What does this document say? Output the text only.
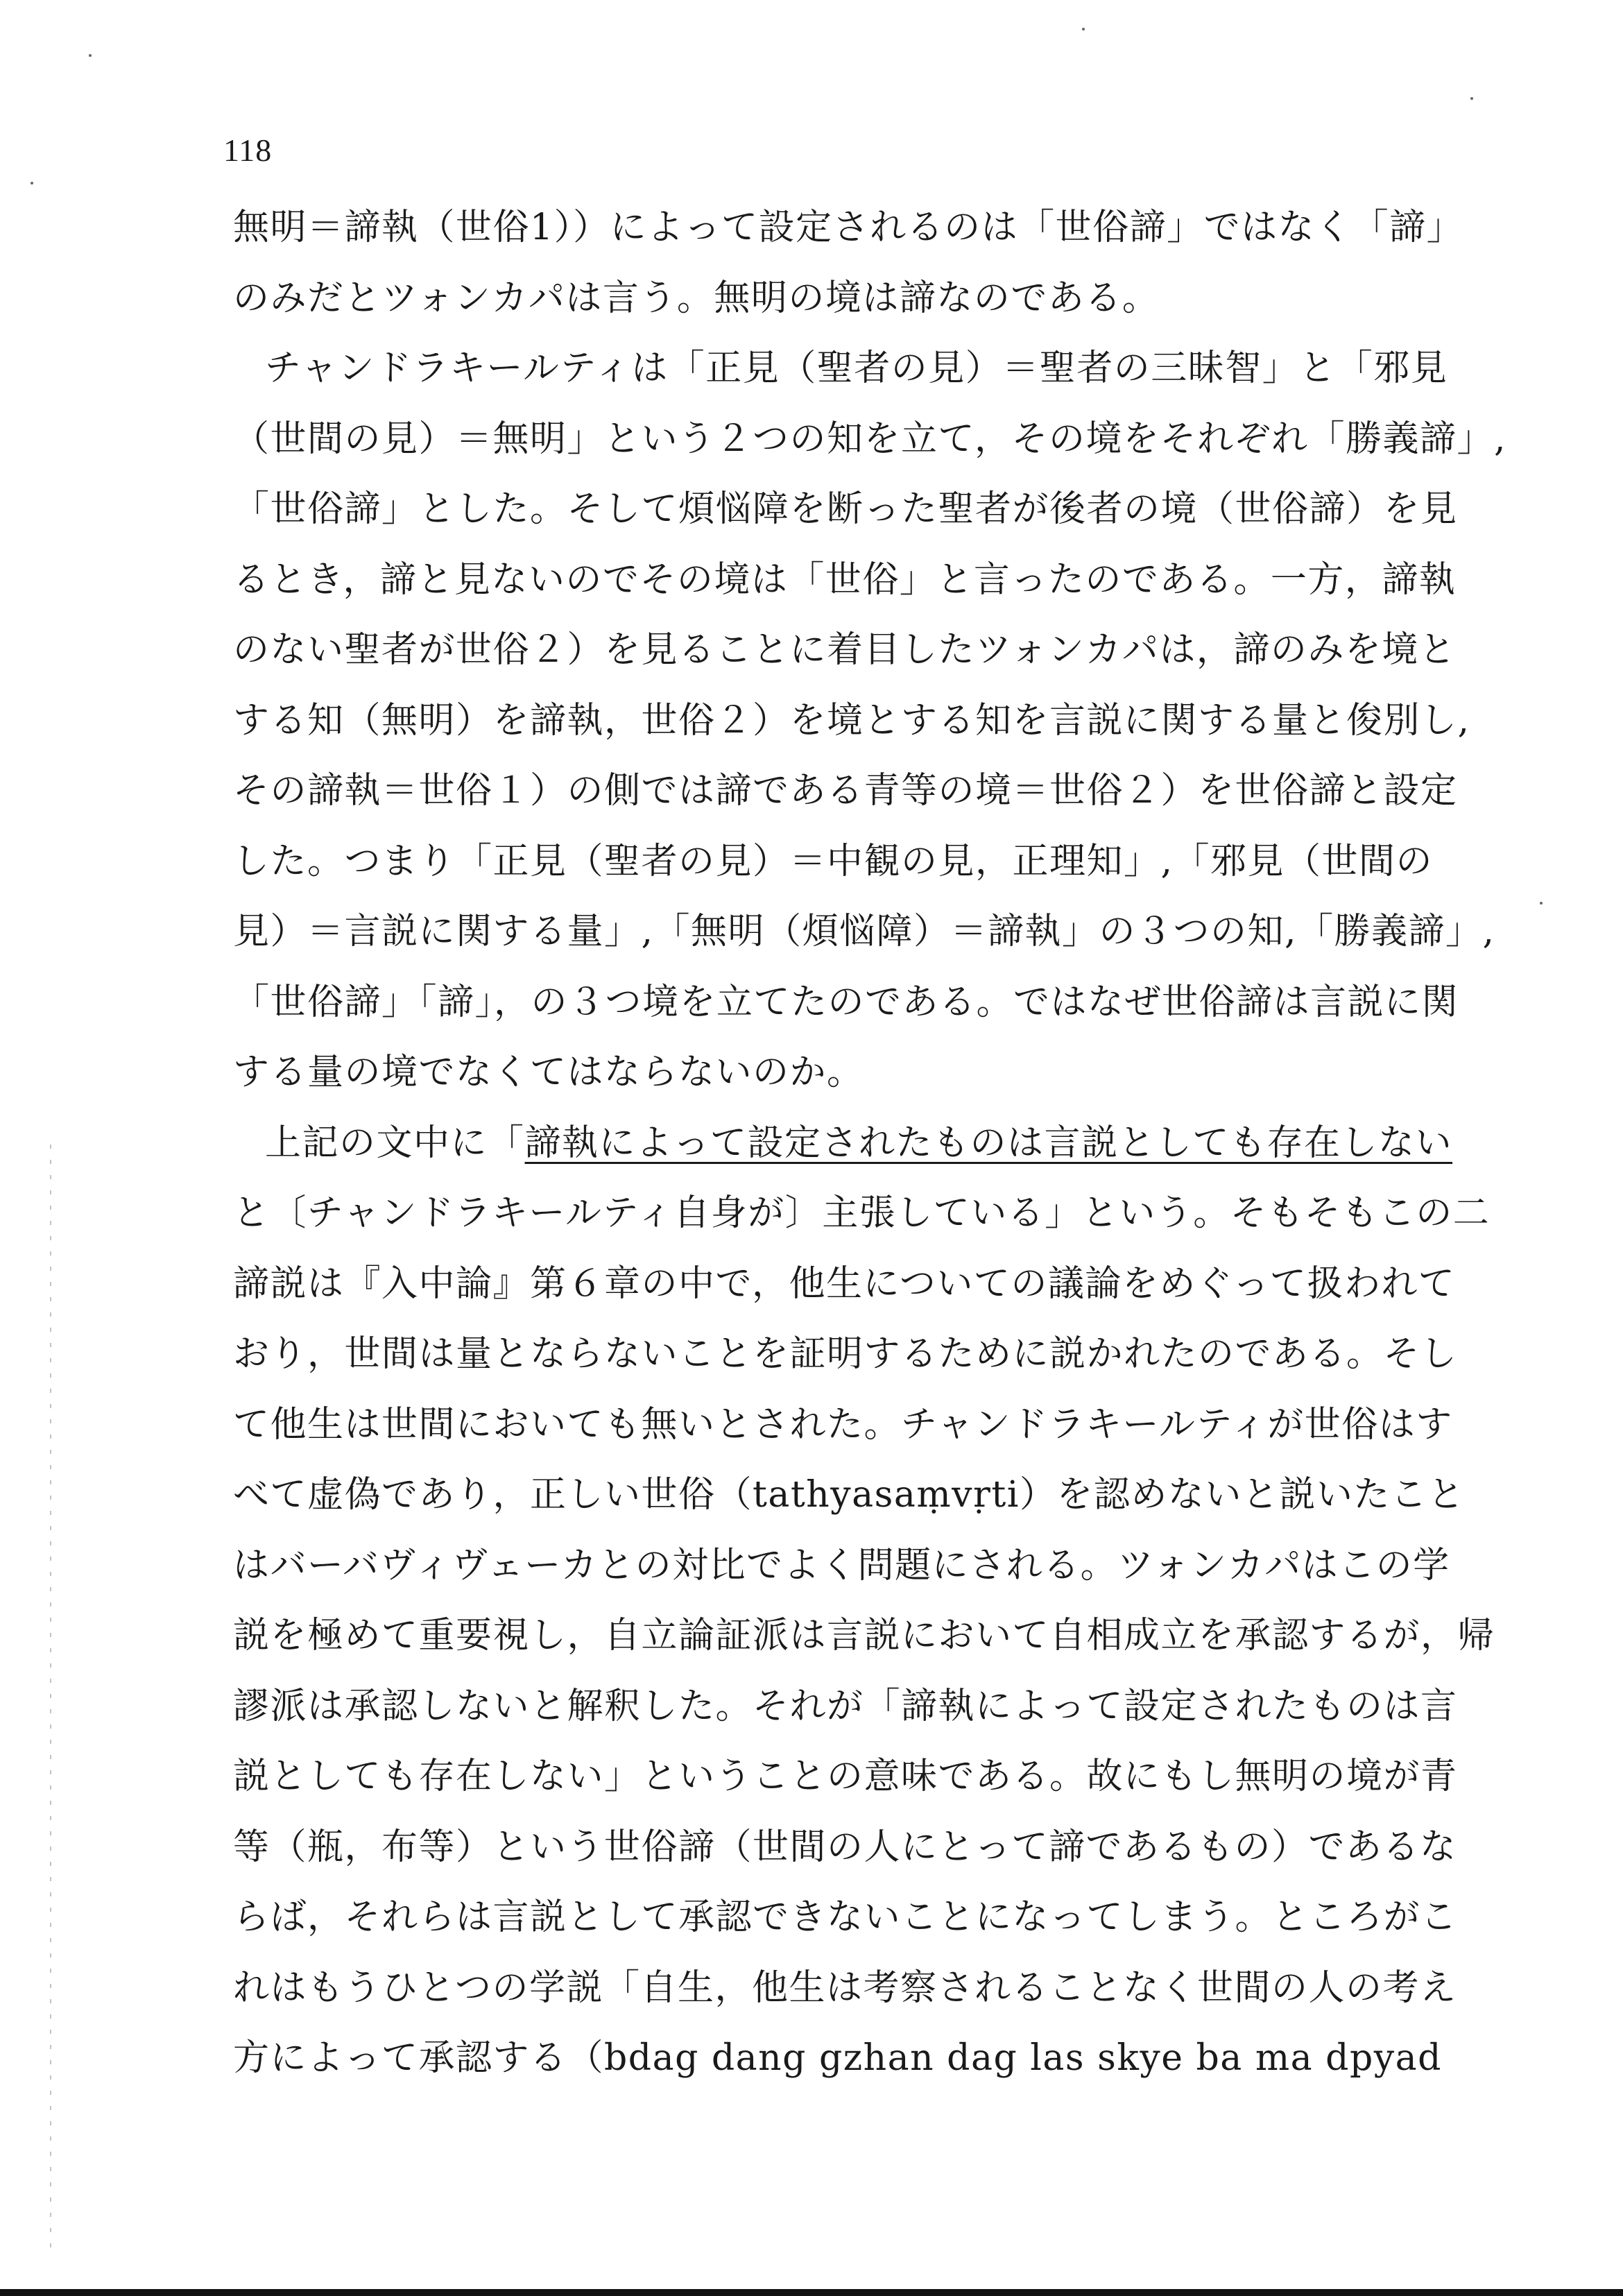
118
無明＝諦執（世俗1））によって設定されるのは「世俗諦」ではなく「諦」
のみだとツォンカパは言う。無明の境は諦なのである。
チャンドラキールティは「正見（聖者の見）＝聖者の三昧智」と「邪見
（世間の見）＝無明」という２つの知を立て，その境をそれぞれ「勝義諦」,
「世俗諦」とした。そして煩悩障を断った聖者が後者の境（世俗諦）を見
るとき，諦と見ないのでその境は「世俗」と言ったのである。一方，諦執
のない聖者が世俗２）を見ることに着目したツォンカパは，諦のみを境と
する知（無明）を諦執，世俗２）を境とする知を言説に関する量と俊別し,
その諦執＝世俗１）の側では諦である青等の境＝世俗２）を世俗諦と設定
した。つまり「正見（聖者の見）＝中観の見，正理知」,「邪見（世間の
見）＝言説に関する量」,「無明（煩悩障）＝諦執」の３つの知,「勝義諦」,
「世俗諦」「諦」，の３つ境を立てたのである。ではなぜ世俗諦は言説に関
する量の境でなくてはならないのか。
上記の文中に「諦執によって設定されたものは言説としても存在しない
と〔チャンドラキールティ自身が〕主張している」という。そもそもこの二
諦説は『入中論』第６章の中で，他生についての議論をめぐって扱われて
おり，世間は量とならないことを証明するために説かれたのである。そし
て他生は世間においても無いとされた。チャンドラキールティが世俗はす
べて虚偽であり，正しい世俗（tathyasaṃvṛti）を認めないと説いたこと
はバーバヴィヴェーカとの対比でよく問題にされる。ツォンカパはこの学
説を極めて重要視し，自立論証派は言説において自相成立を承認するが，帰
謬派は承認しないと解釈した。それが「諦執によって設定されたものは言
説としても存在しない」ということの意味である。故にもし無明の境が青
等（瓶，布等）という世俗諦（世間の人にとって諦であるもの）であるな
らば，それらは言説として承認できないことになってしまう。ところがこ
れはもうひとつの学説「自生，他生は考察されることなく世間の人の考え
方によって承認する（bdag dang gzhan dag las skye ba ma dpyad
